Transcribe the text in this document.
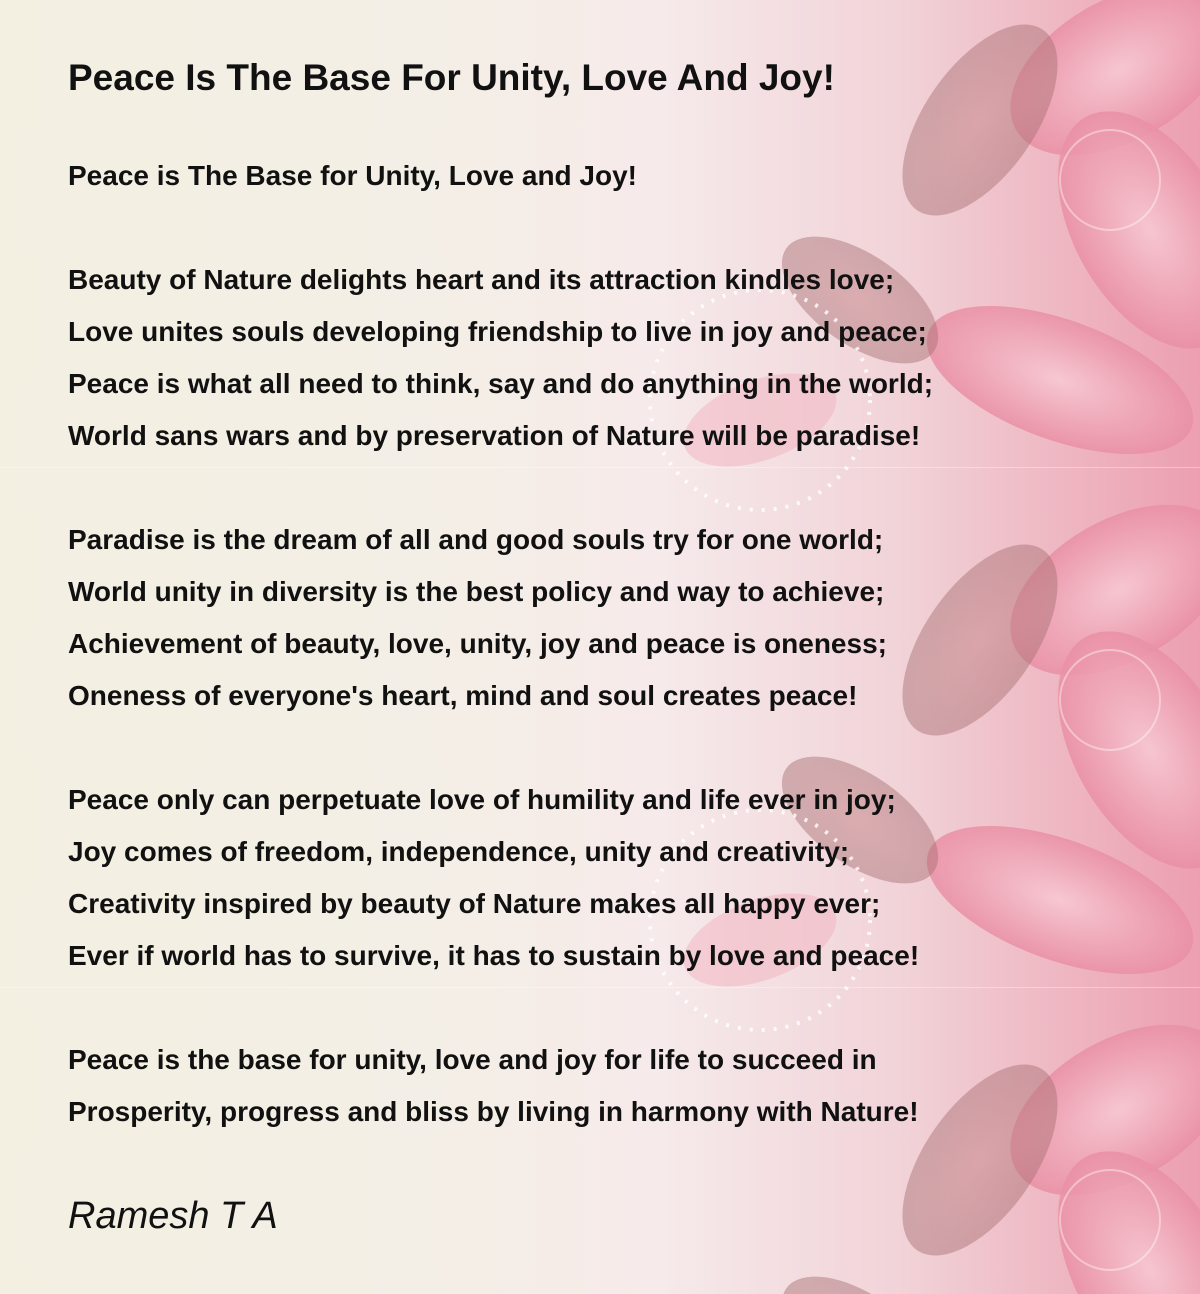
Peace Is The Base For Unity, Love And Joy!
Peace is The Base for Unity, Love and Joy!
Beauty of Nature delights heart and its attraction kindles love;
Love unites souls developing friendship to live in joy and peace;
Peace is what all need to think, say and do anything in the world;
World sans wars and by preservation of Nature will be paradise!
Paradise is the dream of all and good souls try for one world;
World unity in diversity is the best policy and way to achieve;
Achievement of beauty, love, unity, joy and peace is oneness;
Oneness of everyone's heart, mind and soul creates peace!
Peace only can perpetuate love of humility and life ever in joy;
Joy comes of freedom, independence, unity and creativity;
Creativity inspired by beauty of Nature makes all happy ever;
Ever if world has to survive, it has to sustain by love and peace!
Peace is the base for unity, love and joy for life to succeed in
Prosperity, progress and bliss by living in harmony with Nature!
Ramesh T A
